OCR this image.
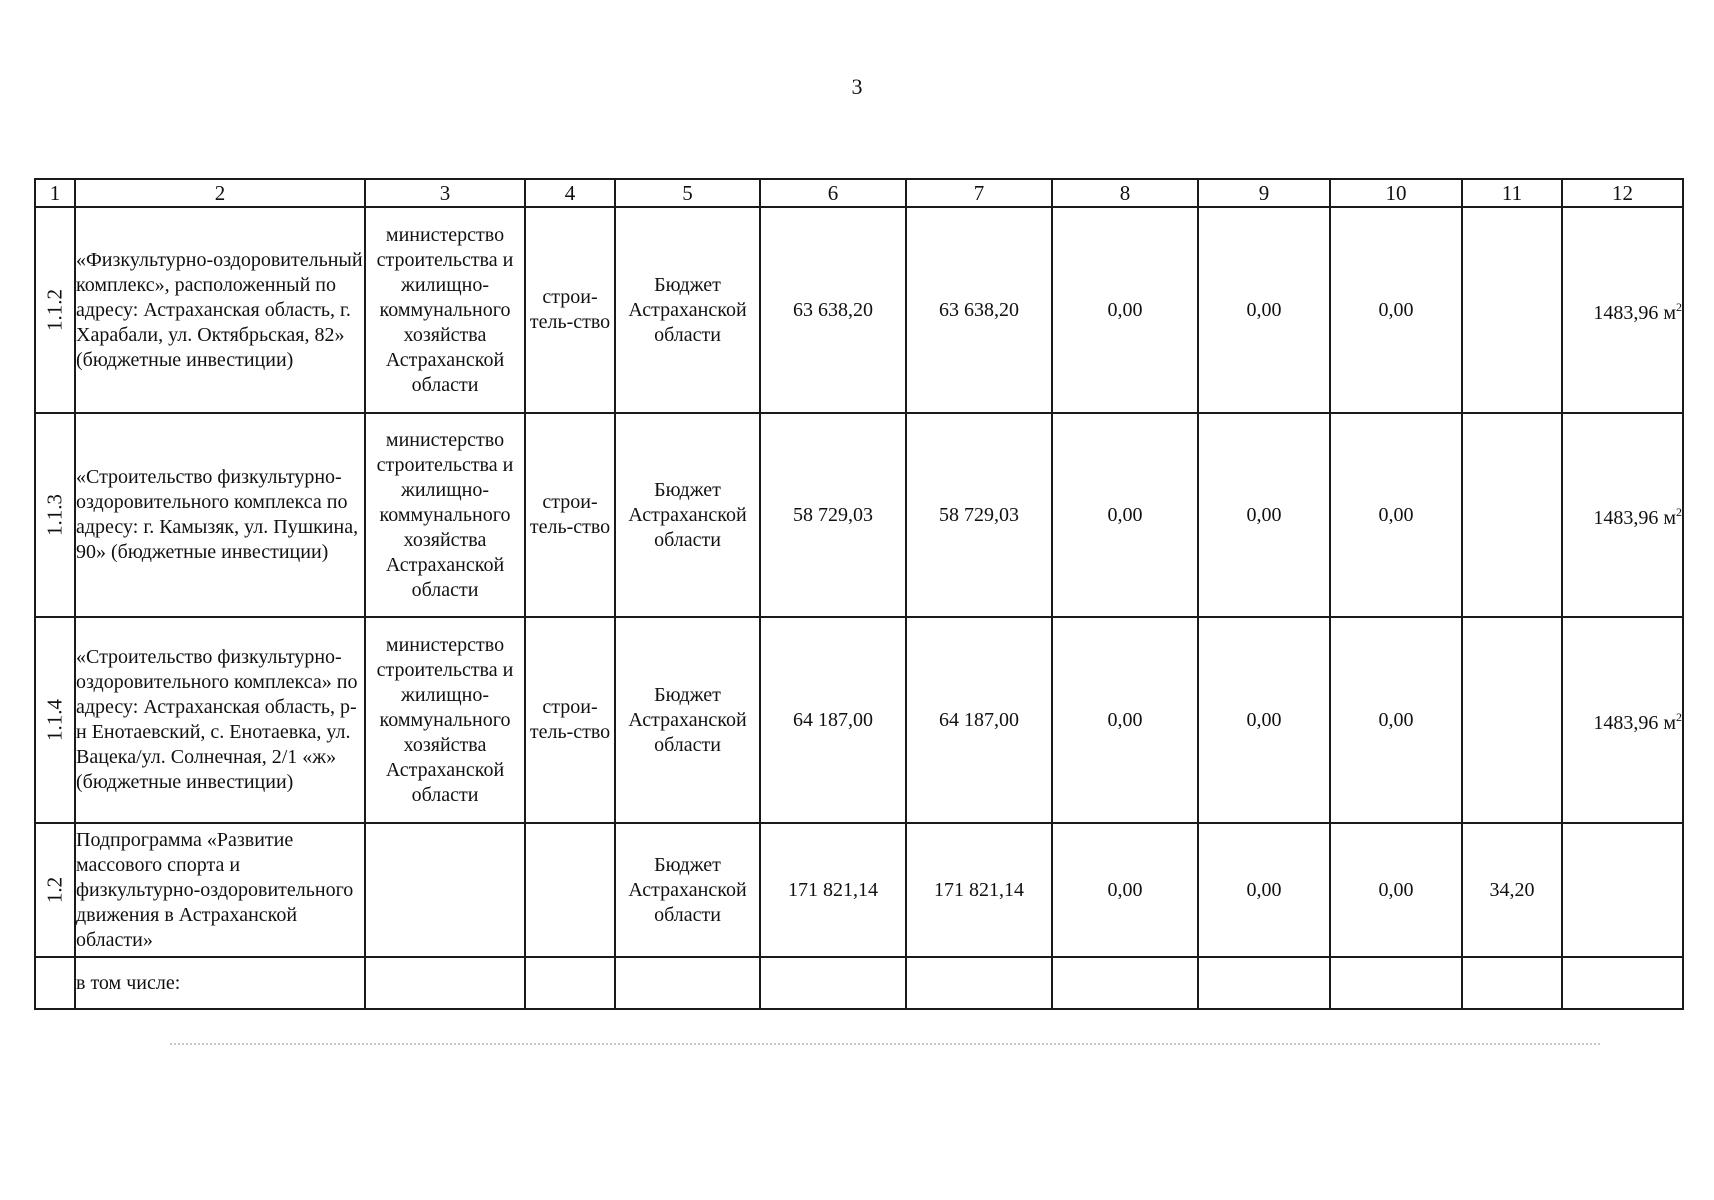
3
1	2	3	4	5	6	7	8	9	10	11	12

1.1.2	«Физкультурно-оздоровительный комплекс», расположенный по адресу: Астраханская область, г. Харабали, ул. Октябрьская, 82» (бюджетные инвестиции)	министерство строительства и жилищно-коммунального хозяйства Астраханской области	строи-тель-ство	Бюджет Астраханской области	63 638,20	63 638,20	0,00	0,00	0,00		1483,96 $м^2$

1.1.3	«Строительство физкультурно-оздоровительного комплекса по адресу: г. Камызяк, ул. Пушкина, 90» (бюджетные инвестиции)	министерство строительства и жилищно-коммунального хозяйства Астраханской области	строи-тель-ство	Бюджет Астраханской области	58 729,03	58 729,03	0,00	0,00	0,00		1483,96 $м^2$

1.1.4	«Строительство физкультурно-оздоровительного комплекса» по адресу: Астраханская область, р-н Енотаевский, с. Енотаевка, ул. Вацека/ул. Солнечная, 2/1 «ж» (бюджетные инвестиции)	министерство строительства и жилищно-коммунального хозяйства Астраханской области	строи-тель-ство	Бюджет Астраханской области	64 187,00	64 187,00	0,00	0,00	0,00		1483,96 $м^2$

1.2	Подпрограмма «Развитие массового спорта и физкультурно-оздоровительного движения в Астраханской области»			Бюджет Астраханской области	171 821,14	171 821,14	0,00	0,00	0,00	34,20	
	в том числе:										
